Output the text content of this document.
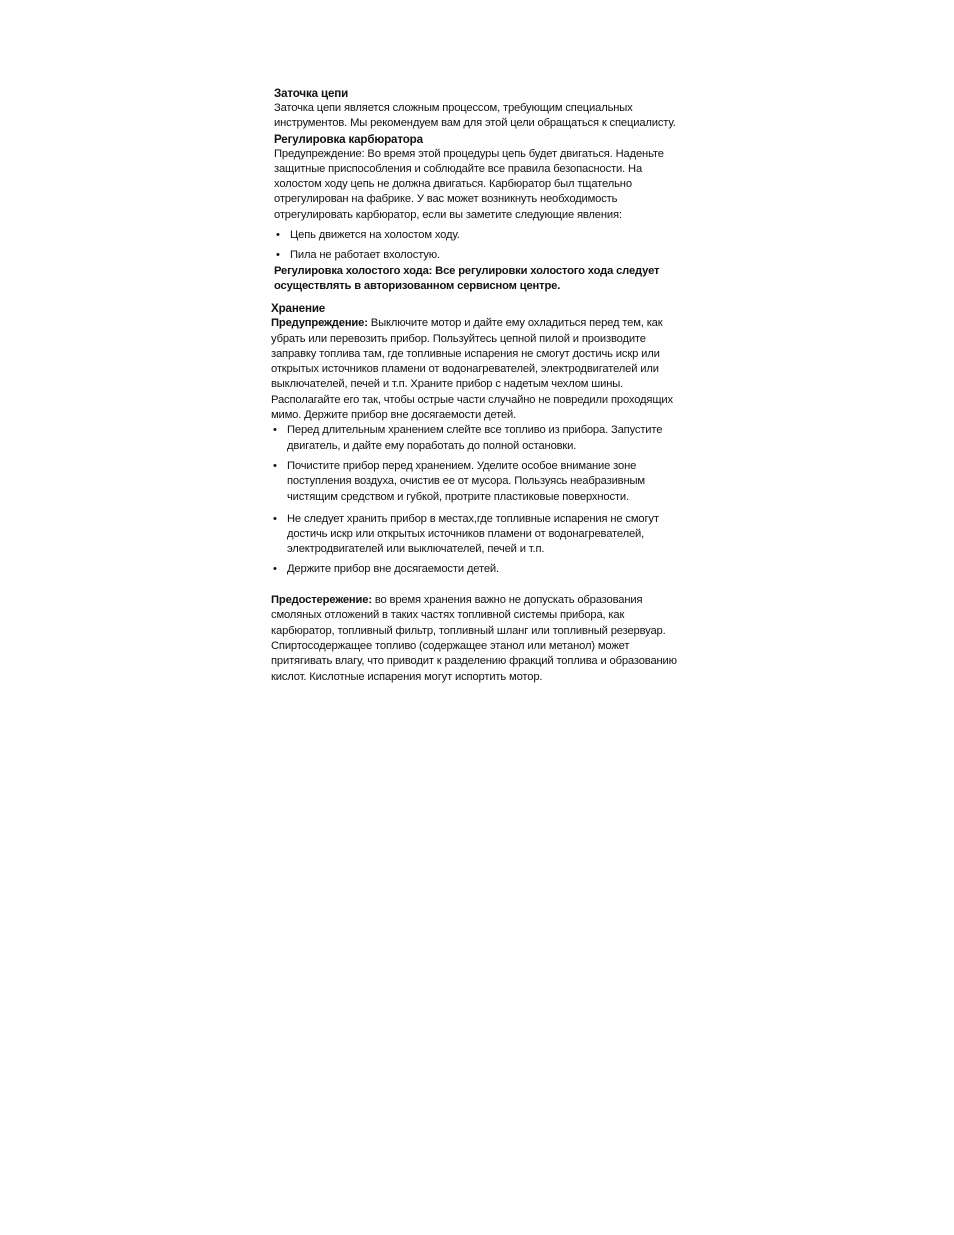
Заточка цепи

Заточка цепи является сложным процессом, требующим специальных инструментов. Мы рекомендуем вам для этой цели обращаться к специалисту.

Регулировка карбюратора

Предупреждение: Во время этой процедуры цепь будет двигаться. Наденьте защитные приспособления и соблюдайте все правила безопасности. На холостом ходу цепь не должна двигаться. Карбюратор был тщательно отрегулирован на фабрике. У вас может возникнуть необходимость отрегулировать карбюратор, если вы заметите следующие явления:

• Цепь движется на холостом ходу.
• Пила не работает вхолостую.

Регулировка холостого хода: Все регулировки холостого хода следует осуществлять в авторизованном сервисном центре.

Хранение

Предупреждение: Выключите мотор и дайте ему охладиться перед тем, как убрать или перевозить прибор. Пользуйтесь цепной пилой и производите заправку топлива там, где топливные испарения не смогут достичь искр или открытых источников пламени от водонагревателей, электродвигателей или выключателей, печей и т.п. Храните прибор с надетым чехлом шины. Располагайте его так, чтобы острые части случайно не повредили проходящих мимо. Держите прибор вне досягаемости детей.

• Перед длительным хранением слейте все топливо из прибора. Запустите двигатель, и дайте ему поработать до полной остановки.
• Почистите прибор перед хранением. Уделите особое внимание зоне поступления воздуха, очистив ее от мусора. Пользуясь неабразивным чистящим средством и губкой, протрите пластиковые поверхности.
• Не следует хранить прибор в местах,где топливные испарения не смогут достичь искр или открытых источников пламени от водонагревателей, электродвигателей или выключателей, печей и т.п.
• Держите прибор вне досягаемости детей.

Предостережение: во время хранения важно не допускать образования смоляных отложений в таких частях топливной системы прибора, как карбюратор, топливный фильтр, топливный шланг или топливный резервуар. Спиртосодержащее топливо (содержащее этанол или метанол) может притягивать влагу, что приводит к разделению фракций топлива и образованию кислот. Кислотные испарения могут испортить мотор.
